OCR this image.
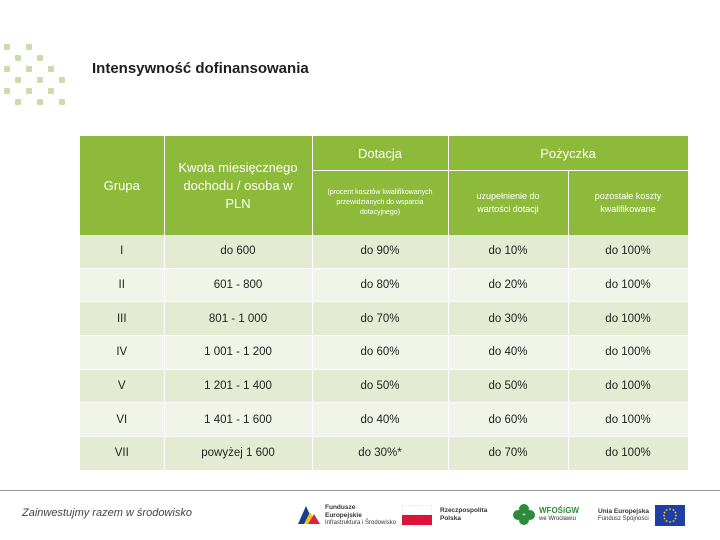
Intensywność dofinansowania
Grupa	Kwota miesięcznego dochodu / osoba w PLN	Dotacja	Pożyczka	
		(procent kosztów kwalifikowanych przewidzianych do wsparcia dotacyjnego)	uzupełnienie do wartości dotacji	pozostałe koszty kwalifikowane
I	do 600	do 90%	do 10%	do 100%
II	601 - 800	do 80%	do 20%	do 100%
III	801 - 1 000	do 70%	do 30%	do 100%
IV	1 001 - 1 200	do 60%	do 40%	do 100%
V	1 201 - 1 400	do 50%	do 50%	do 100%
VI	1 401 - 1 600	do 40%	do 60%	do 100%
VII	powyżej 1 600	do 30%*	do 70%	do 100%
Zainwestujmy razem w środowisko	Fundusze
Europejskie
Infrastruktura i Środowisko
Rzeczpospolita
Polska
WFOŚiGW
we Wrocławiu
Unia Europejska
Fundusz Spójności
